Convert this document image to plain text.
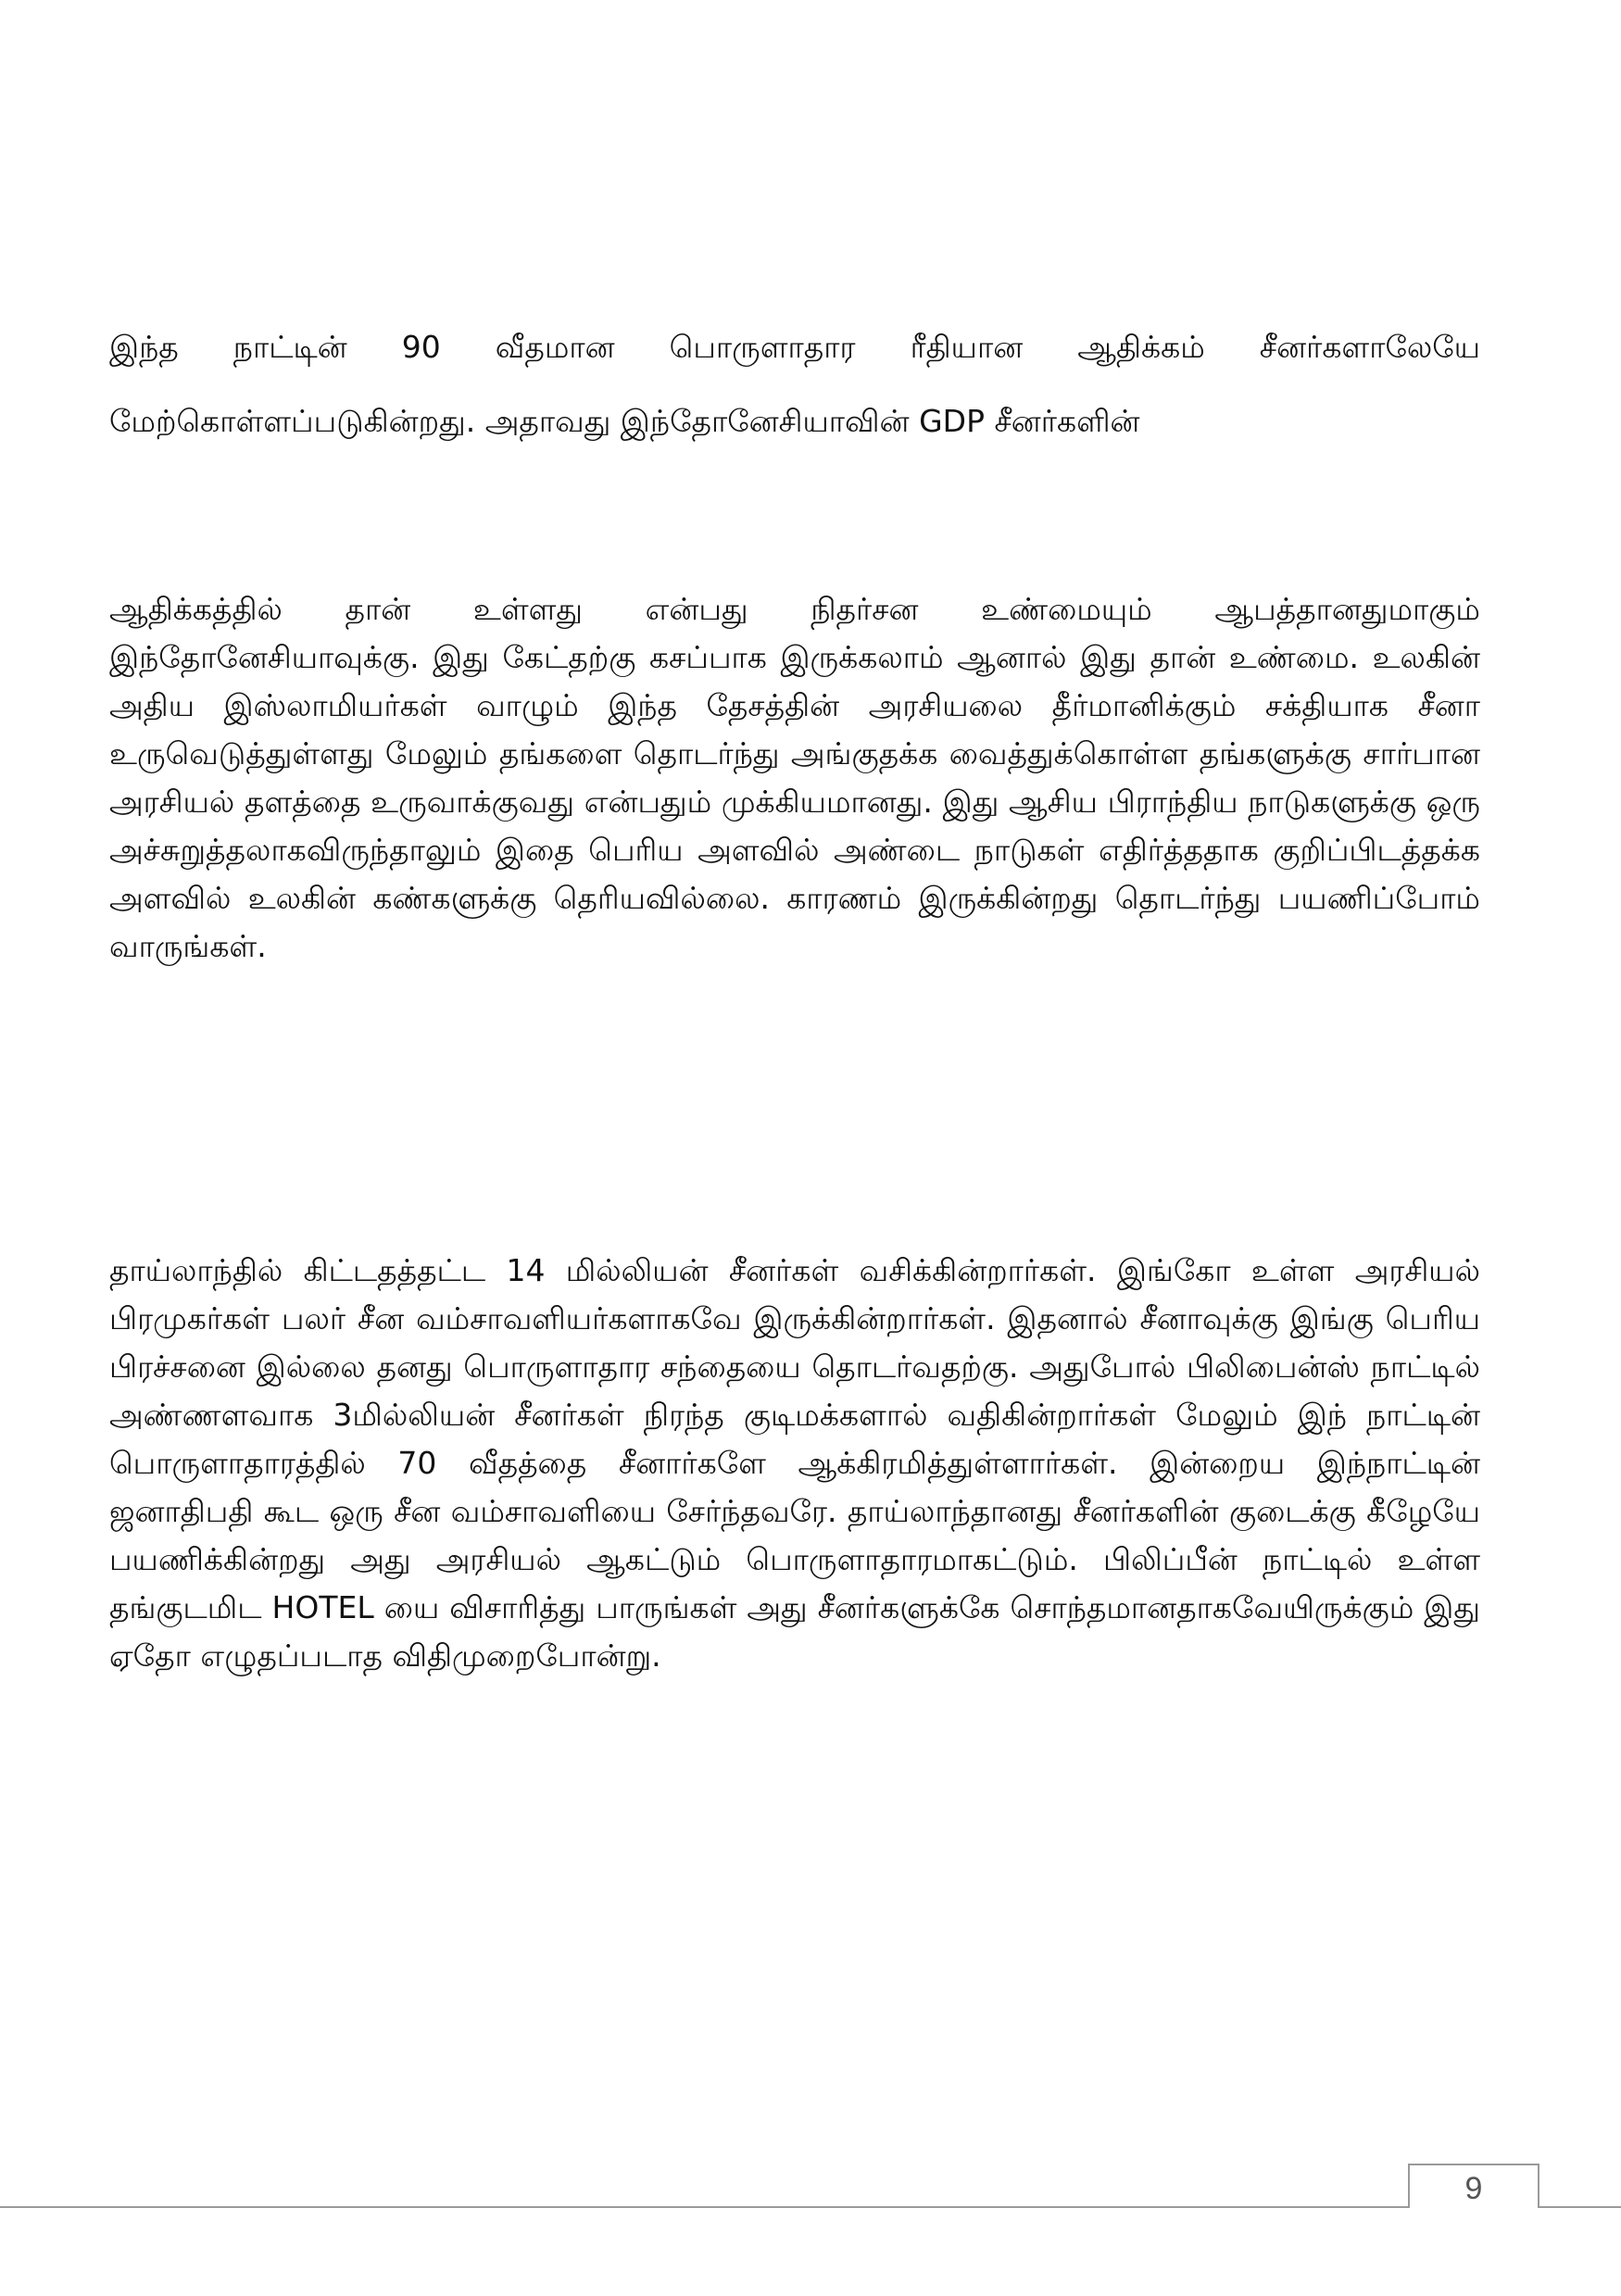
இந்த நாட்டின் 90 வீதமான பொருளாதார ரீதியான ஆதிக்கம் சீனர்களாலேயே மேற்கொள்ளப்படுகின்றது. அதாவது இந்தோனேசியாவின் GDP சீனர்களின்

ஆதிக்கத்தில் தான் உள்ளது என்பது நிதர்சன உண்மையும் ஆபத்தானதுமாகும் இந்தோனேசியாவுக்கு. இது கேட்தற்கு கசப்பாக இருக்கலாம் ஆனால் இது தான் உண்மை. உலகின் அதிய இஸ்லாமியர்கள் வாழும் இந்த தேசத்தின் அரசியலை தீர்மானிக்கும் சக்தியாக சீனா உருவெடுத்துள்ளது மேலும் தங்களை தொடர்ந்து அங்குதக்க வைத்துக்கொள்ள தங்களுக்கு சார்பான அரசியல் தளத்தை உருவாக்குவது என்பதும் முக்கியமானது. இது ஆசிய பிராந்திய நாடுகளுக்கு ஒரு அச்சுறுத்தலாகவிருந்தாலும் இதை பெரிய அளவில் அண்டை நாடுகள் எதிர்த்ததாக குறிப்பிடத்தக்க அளவில் உலகின் கண்களுக்கு தெரியவில்லை. காரணம் இருக்கின்றது தொடர்ந்து பயணிப்போம் வாருங்கள்.

தாய்லாந்தில் கிட்டதத்தட்ட 14 மில்லியன் சீனர்கள் வசிக்கின்றார்கள். இங்கோ உள்ள அரசியல் பிரமுகர்கள் பலர் சீன வம்சாவளியர்களாகவே இருக்கின்றார்கள். இதனால் சீனாவுக்கு இங்கு பெரிய பிரச்சனை இல்லை தனது பொருளாதார சந்தையை தொடர்வதற்கு. அதுபோல் பிலிபைன்ஸ் நாட்டில் அண்ணளவாக 3மில்லியன் சீனர்கள் நிரந்த குடிமக்களால் வதிகின்றார்கள் மேலும் இந் நாட்டின் பொருளாதாரத்தில் 70 வீதத்தை சீனார்களே ஆக்கிரமித்துள்ளார்கள். இன்றைய இந்நாட்டின் ஜனாதிபதி கூட ஒரு சீன வம்சாவளியை சேர்ந்தவரே. தாய்லாந்தானது சீனர்களின் குடைக்கு கீழேயே பயணிக்கின்றது அது அரசியல் ஆகட்டும் பொருளாதாரமாகட்டும். பிலிப்பீன் நாட்டில் உள்ள தங்குடமிட HOTEL யை விசாரித்து பாருங்கள் அது சீனர்களுக்கே சொந்தமானதாகவேயிருக்கும் இது ஏதோ எழுதப்படாத விதிமுறைபோன்று.

9
